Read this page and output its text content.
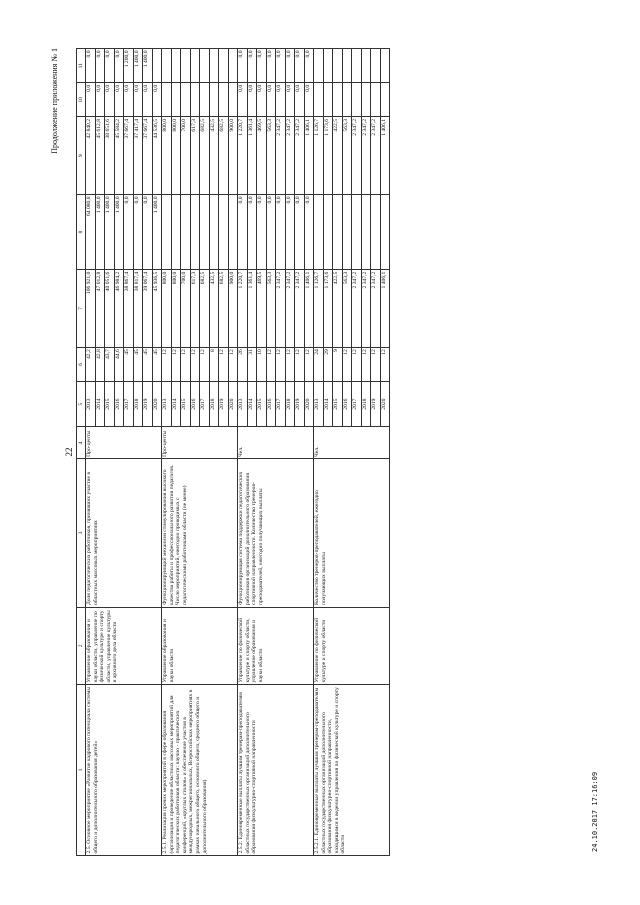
Продолжение приложения № 1
22
1	2	3	4	5	6	7	8	9	10	11
2.5. Основное мероприятие «Развитие кадрового потенциала системы общего и дополнительного образования детей»	Управление образования и науки области, управление по физической культуре и спорту области, управление культуры и архивного дела области	Доля педагогических работников, принявших участие в областных массовых мероприятиях	Про-центы	2013	42,2	106 921,0	64 080,8	42 840,2	0,0	0,0
				2014	42,8	47 012,8	1 400,0	45 612,8	0,0	0,0
				2015	43,7	40 051,6	1 400,0	38 651,6	0,0	0,0
				2016	44,6	46 984,2	1 400,0	45 584,2	0,0	0,0
				2017	45	38 867,4	0,0	37 667,4	0,0	1 200,0
				2018	45	38 817,4	0,0	37 417,4	0,0	1 400,0
				2019	45	39 067,4	0,0	37 667,4	0,0	1 400,0
				2020	45	45 936,5	1 400,0	44 536,5	0,0	
2.5.1. Реализация прочих мероприятий в сфере образования (организация и проведение областных массовых мероприятий для педагогических работников области: научно - практических конференций, «круглых столов» и обеспечение участия в международных, межрегиональных, Всероссийских мероприятиях в рамках начального общего, основного общего, среднего общего и дополнительного образования)	Управление образования и науки области	Функционирующий механизм стимулирования высокого качества работы и профессионального развития педагогов. Число мероприятий, ежегодно проводимых с педагогическими работниками области (не менее)	Про-центы	2013	12	800,0		800,0		
				2014	12	800,0		800,0		
				2015	12	700,0		700,0		
				2016	12	617,3		617,3		
				2017	12	682,5		682,5		
				2018	8	432,5		432,5		
				2019	12	682,5		682,5		
				2020	12	900,0		900,0		
2.5.2. Единовременные выплаты лучшим тренерам-преподавателям областных государственных организаций дополнительного образования физкультурно-спортивной направленности	Управление по физической культуре и спорту области, управление образования и науки области	Функционирующая система поддержки педагогических работников организаций дополнительного образования спортивной направленности. Количество тренеров-преподавателей, ежегодно получающих выплаты	Чел.	2013	26	1 220,7	0,0	1 220,7	0,0	0,0
				2014	31	1 361,4	0,0	1 361,4	0,0	0,0
				2015	10	469,5	0,0	469,5	0,0	0,0
				2016	12	563,3	0,0	563,3	0,0	0,0
				2017	12	2 347,2	0,0	2 347,2	0,0	0,0
				2018	12	2 347,2	0,0	2 347,2	0,0	0,0
				2019	12	2 347,2	0,0	2 347,2	0,0	0,0
				2020	12	1 406,1	0,0	1 406,1	0,0	0,0
2.5.2.1. Единовременные выплаты лучшим тренерам-преподавателям областных государственных организаций дополнительного образования физкультурно-спортивной направленности, находящимся в ведении управления по физической культуре и спорту области	Управление по физической культуре и спорту области	Количество тренеров-преподавателей, ежегодно получающих выплаты	Чел.	2013	24	1 126,7		1 126,7		
				2014	29	1 173,6		1 173,6		
				2015	9	422,5		422,5		
				2016	12	563,3		563,3		
				2017	12	2 347,2		2 347,2		
				2018	12	2 347,2		2 347,2		
				2019	12	2 347,2		2 347,2		
				2020	12	1 406,1		1 406,1		
24.10.2017 17:16:09
